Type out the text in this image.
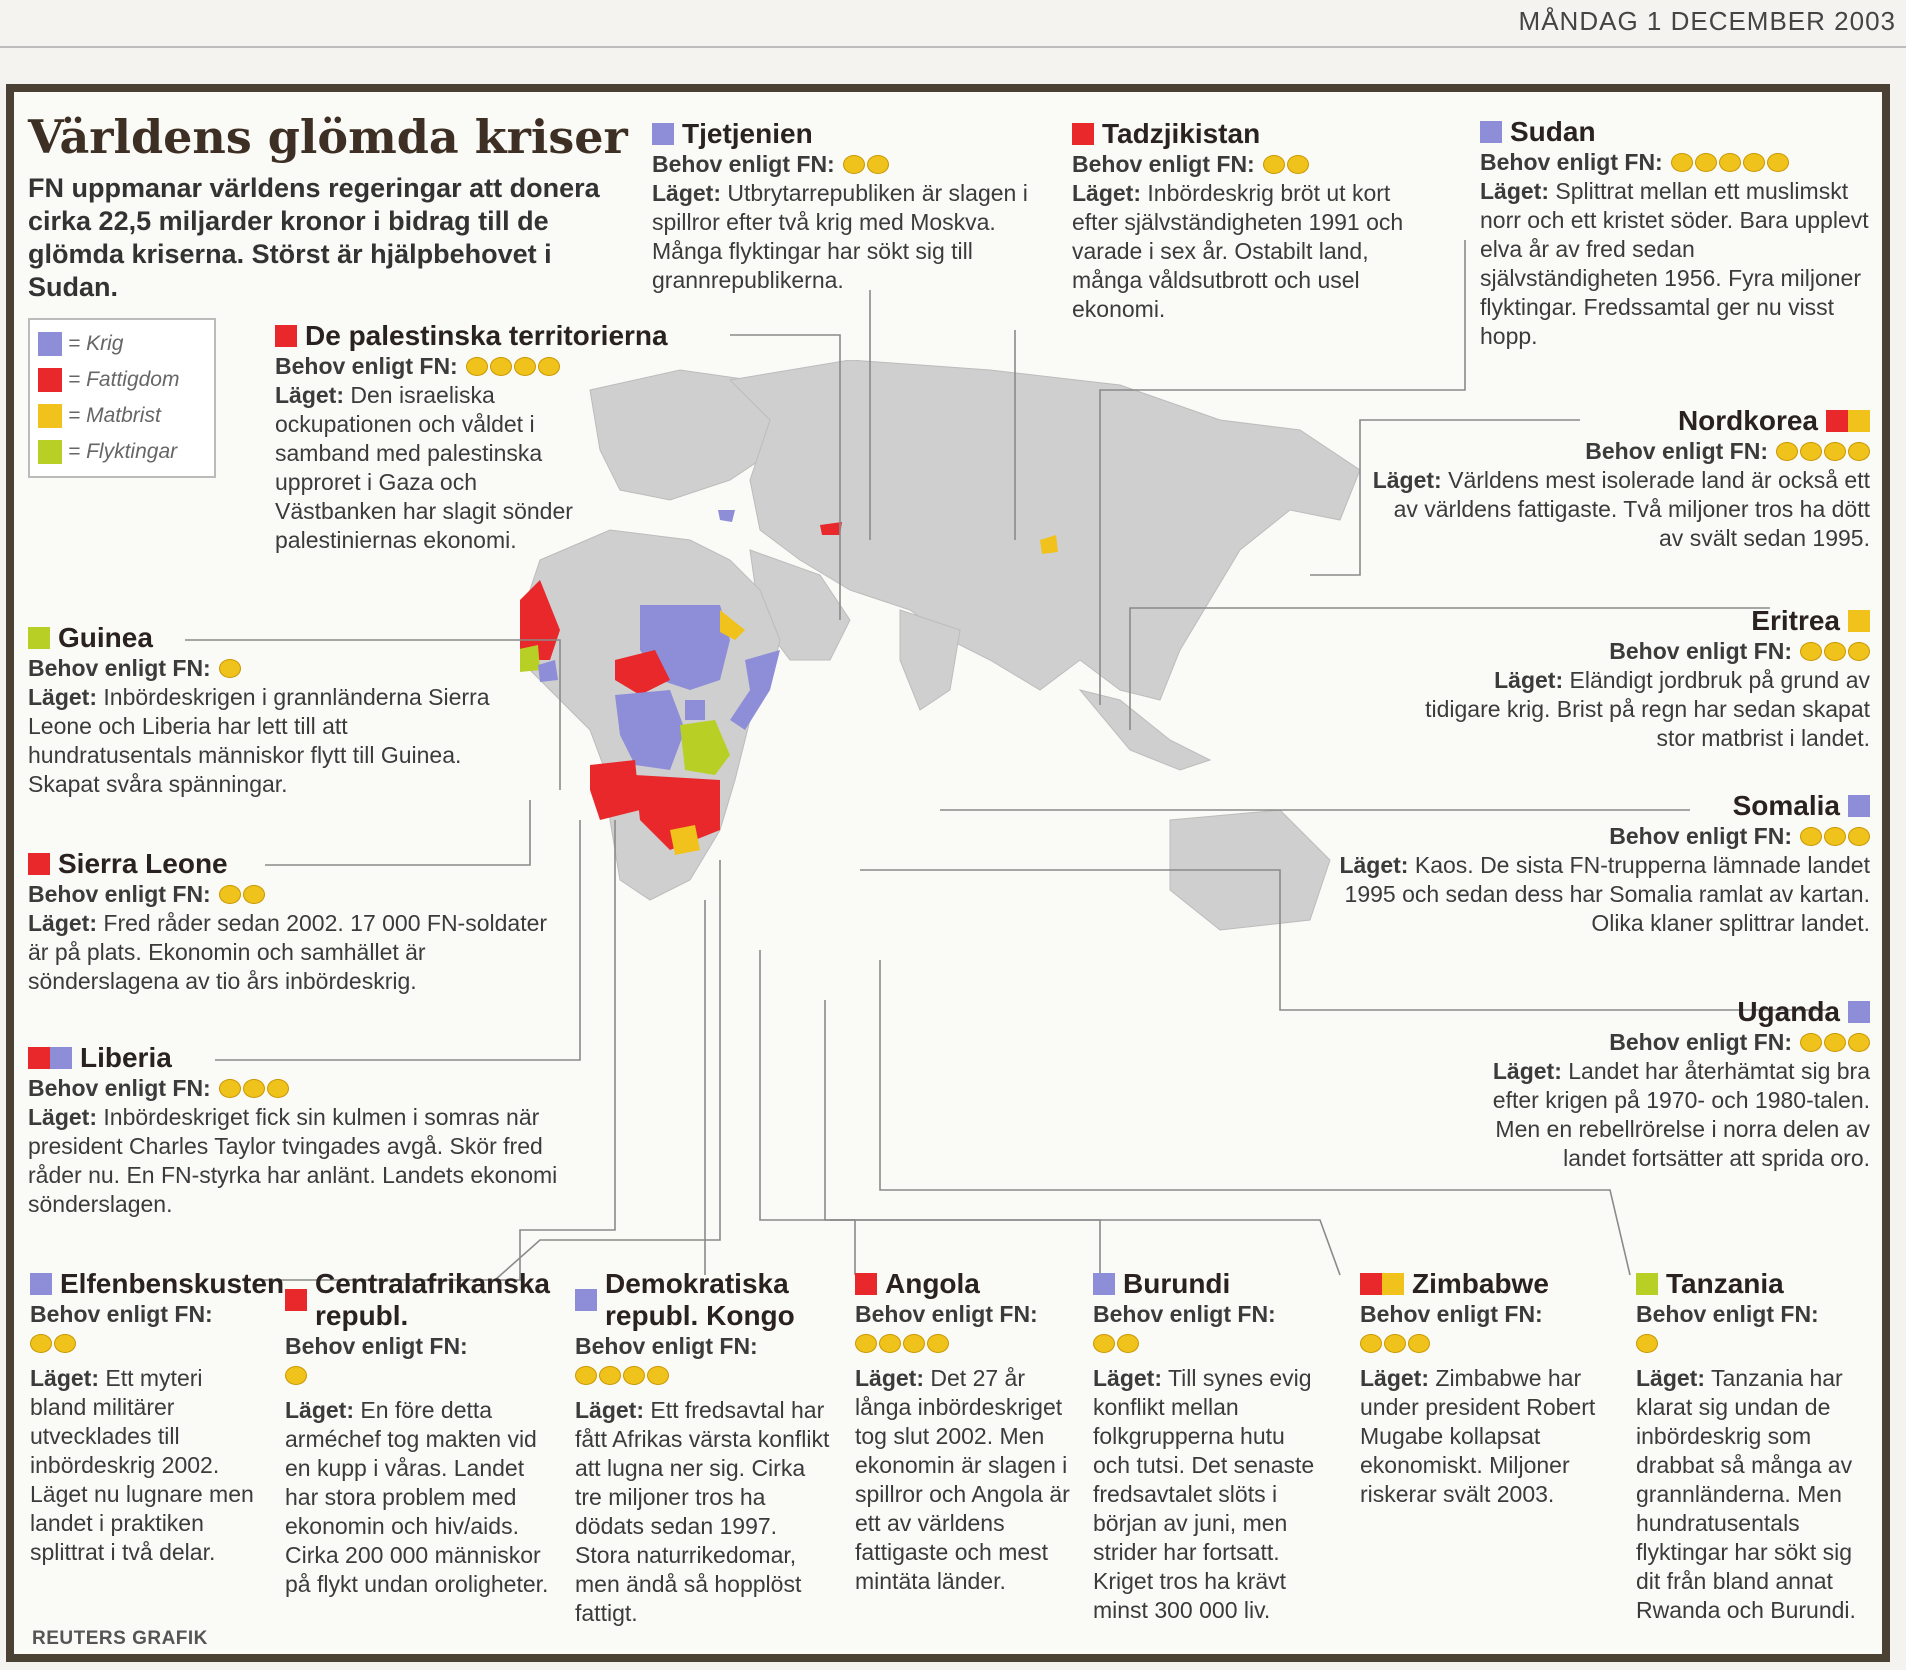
MÅNDAG 1 DECEMBER 2003
Världens glömda kriser

FN uppmanar världens regeringar att donera cirka 22,5 miljarder kronor i bidrag till de glömda kriserna. Störst är hjälpbehovet i Sudan.

= Krig
= Fattigdom
= Matbrist
= Flyktingar
Tjetjenien
Behov enligt FN:
Läget: Utbrytarrepubliken är slagen i spillror efter två krig med Moskva. Många flyktingar har sökt sig till grannrepublikerna.
Tadzjikistan
Behov enligt FN:
Läget: Inbördeskrig bröt ut kort efter självständigheten 1991 och varade i sex år. Ostabilt land, många våldsutbrott och usel ekonomi.
Sudan
Behov enligt FN:
Läget: Splittrat mellan ett muslimskt norr och ett kristet söder. Bara upplevt elva år av fred sedan självständigheten 1956. Fyra miljoner flyktingar. Fredssamtal ger nu visst hopp.
De palestinska territorierna
Behov enligt FN:
Läget: Den israeliska ockupationen och våldet i samband med palestinska upproret i Gaza och Västbanken har slagit sönder palestiniernas ekonomi.
Nordkorea
Behov enligt FN:
Läget: Världens mest isolerade land är också ett av världens fattigaste. Två miljoner tros ha dött av svält sedan 1995.
Guinea
Behov enligt FN:
Läget: Inbördeskrigen i grannländerna Sierra Leone och Liberia har lett till att hundratusentals människor flytt till Guinea. Skapat svåra spänningar.
Eritrea
Behov enligt FN:
Läget: Eländigt jordbruk på grund av tidigare krig. Brist på regn har sedan skapat stor matbrist i landet.
Sierra Leone
Behov enligt FN:
Läget: Fred råder sedan 2002. 17 000 FN-soldater är på plats. Ekonomin och samhället är sönderslagena av tio års inbördeskrig.
Somalia
Behov enligt FN:
Läget: Kaos. De sista FN-trupperna lämnade landet 1995 och sedan dess har Somalia ramlat av kartan. Olika klaner splittrar landet.
Uganda
Behov enligt FN:
Läget: Landet har återhämtat sig bra efter krigen på 1970- och 1980-talen. Men en rebellrörelse i norra delen av landet fortsätter att sprida oro.
Liberia
Behov enligt FN:
Läget: Inbördeskriget fick sin kulmen i somras när president Charles Taylor tvingades avgå. Skör fred råder nu. En FN-styrka har anlänt. Landets ekonomi sönderslagen.
Elfenbenskusten
Behov enligt FN:
Läget: Ett myteri bland militärer utvecklades till inbördeskrig 2002. Läget nu lugnare men landet i praktiken splittrat i två delar.
Centralafrikanska republ.
Behov enligt FN:
Läget: En före detta arméchef tog makten vid en kupp i våras. Landet har stora problem med ekonomin och hiv/aids. Cirka 200 000 människor på flykt undan oroligheter.
Demokratiska republ. Kongo
Behov enligt FN:
Läget: Ett fredsavtal har fått Afrikas värsta konflikt att lugna ner sig. Cirka tre miljoner tros ha dödats sedan 1997. Stora naturrikedomar, men ändå så hopplöst fattigt.
Angola
Behov enligt FN:
Läget: Det 27 år långa inbördeskriget tog slut 2002. Men ekonomin är slagen i spillror och Angola är ett av världens fattigaste och mest mintäta länder.
Burundi
Behov enligt FN:
Läget: Till synes evig konflikt mellan folkgrupperna hutu och tutsi. Det senaste fredsavtalet slöts i början av juni, men strider har fortsatt. Kriget tros ha krävt minst 300 000 liv.
Zimbabwe
Behov enligt FN:
Läget: Zimbabwe har under president Robert Mugabe kollapsat ekonomiskt. Miljoner riskerar svält 2003.
Tanzania
Behov enligt FN:
Läget: Tanzania har klarat sig undan de inbördeskrig som drabbat så många av grannländerna. Men hundratusentals flyktingar har sökt sig dit från bland annat Rwanda och Burundi.
REUTERS GRAFIK
